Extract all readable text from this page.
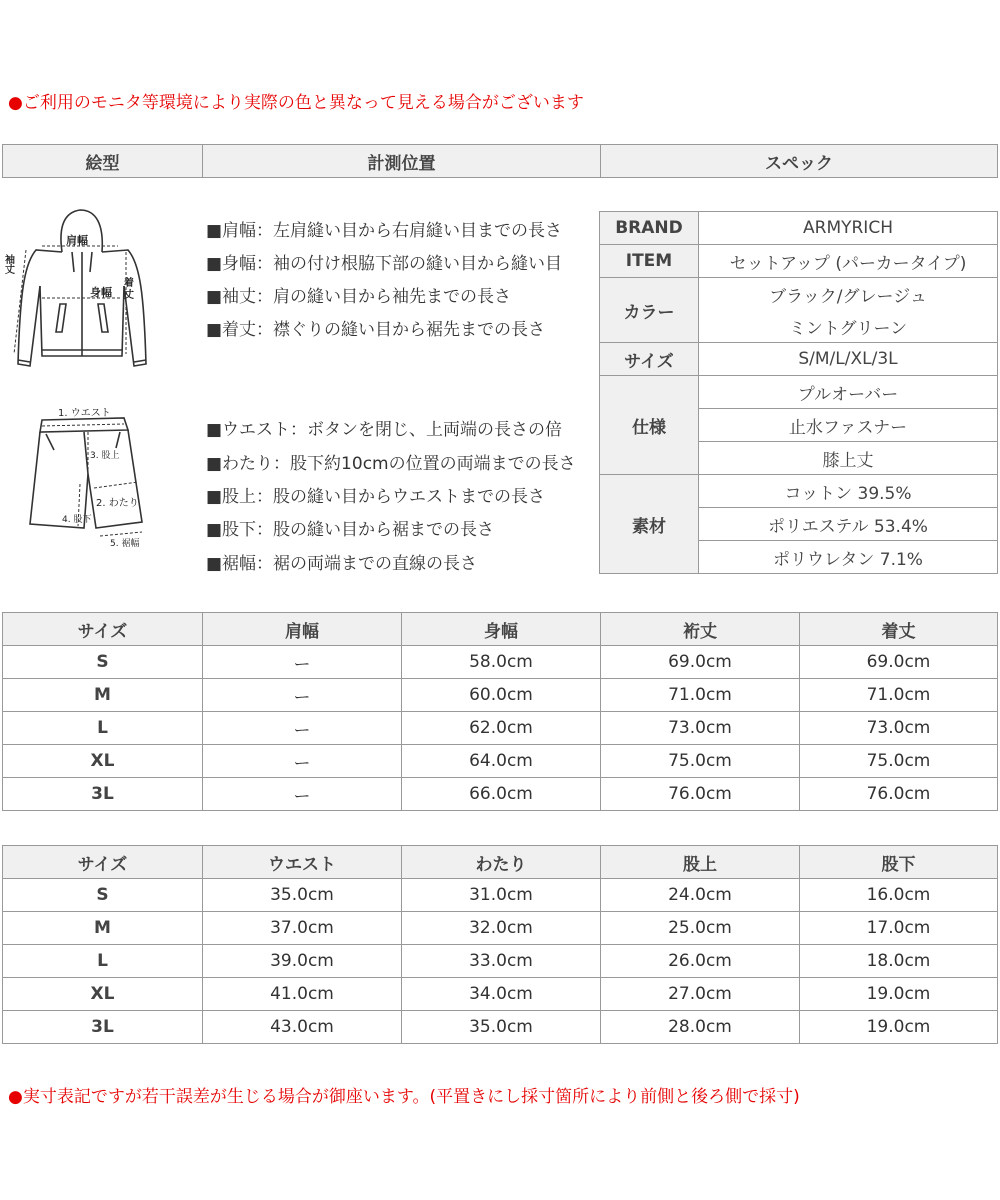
●ご利用のモニタ等環境により実際の色と異なって見える場合がございます
絵型	計測位置	スペック
肩幅
身幅
袖丈
着
丈
1. ウエスト
3. 股上
2. わたり
4. 股下
5. 裾幅
■肩幅：左肩縫い目から右肩縫い目までの長さ
■身幅：袖の付け根脇下部の縫い目から縫い目
■袖丈：肩の縫い目から袖先までの長さ
■着丈：襟ぐりの縫い目から裾先までの長さ
■ウエスト：ボタンを閉じ、上両端の長さの倍
■わたり：股下約10cmの位置の両端までの長さ
■股上：股の縫い目からウエストまでの長さ
■股下：股の縫い目から裾までの長さ
■裾幅：裾の両端までの直線の長さ
BRAND	ARMYRICH
ITEM	セットアップ (パーカータイプ)
カラー	ブラック/グレージュ
	ミントグリーン
サイズ	S/M/L/XL/3L
仕様	プルオーバー
	止水ファスナー
	膝上丈
素材	コットン 39.5%
	ポリエステル 53.4%
	ポリウレタン 7.1%
サイズ	肩幅	身幅	裄丈	着丈
S	ー	58.0cm	69.0cm	69.0cm
M	ー	60.0cm	71.0cm	71.0cm
L	ー	62.0cm	73.0cm	73.0cm
XL	ー	64.0cm	75.0cm	75.0cm
3L	ー	66.0cm	76.0cm	76.0cm
サイズ	ウエスト	わたり	股上	股下
S	35.0cm	31.0cm	24.0cm	16.0cm
M	37.0cm	32.0cm	25.0cm	17.0cm
L	39.0cm	33.0cm	26.0cm	18.0cm
XL	41.0cm	34.0cm	27.0cm	19.0cm
3L	43.0cm	35.0cm	28.0cm	19.0cm
●実寸表記ですが若干誤差が生じる場合が御座います。(平置きにし採寸箇所により前側と後ろ側で採寸)
